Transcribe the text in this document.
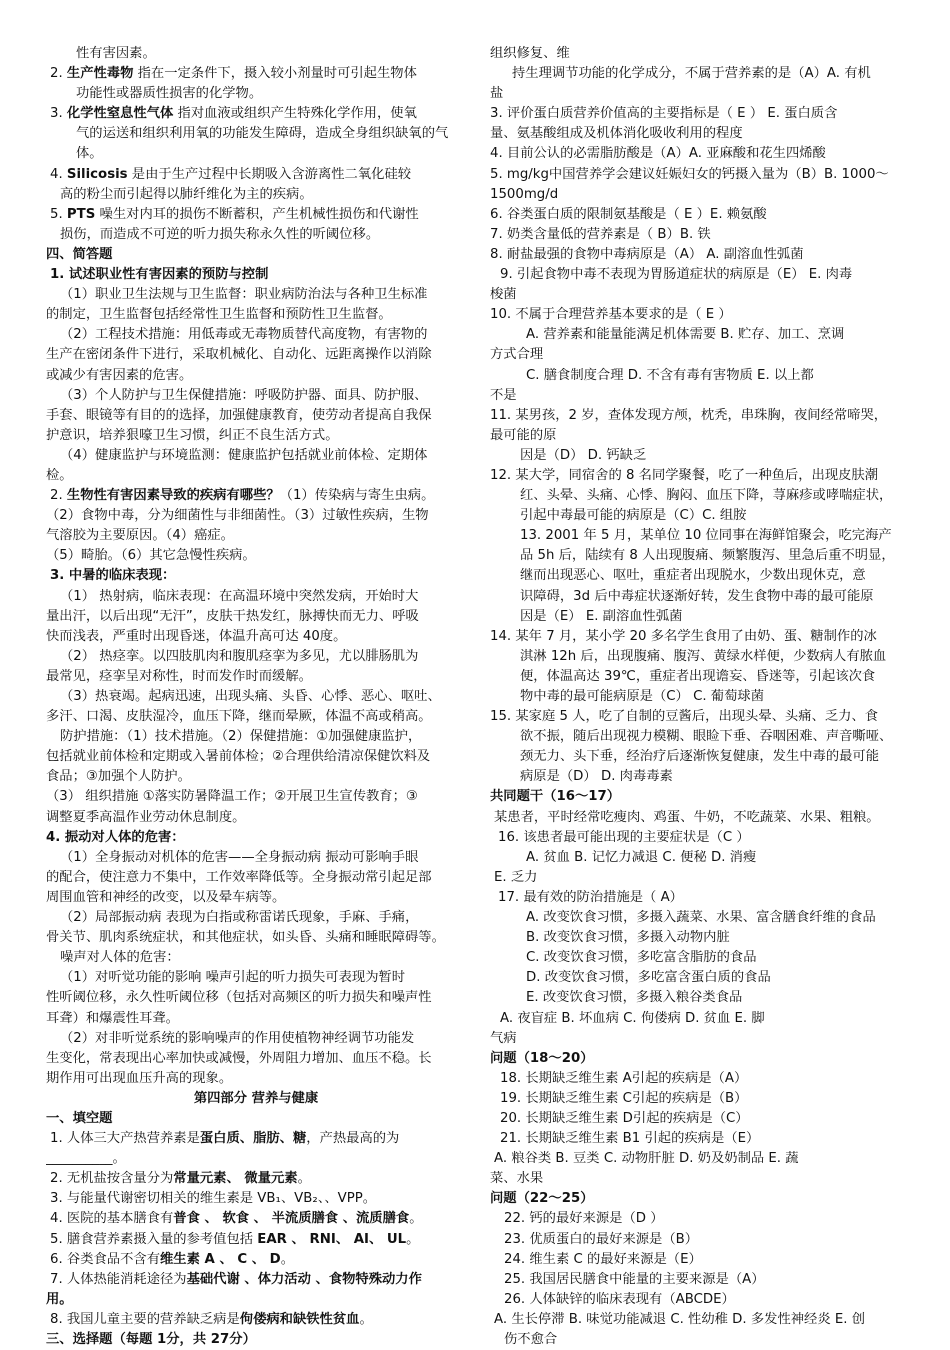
性有害因素。
2. 生产性毒物 指在一定条件下，摄入较小剂量时可引起生物体
功能性或器质性损害的化学物。
3. 化学性窒息性气体 指对血液或组织产生特殊化学作用，使氧
气的运送和组织利用氧的功能发生障碍，造成全身组织缺氧的气
体。
4. Silicosis 是由于生产过程中长期吸入含游离性二氧化硅较
高的粉尘而引起得以肺纤维化为主的疾病。
5. PTS 噪生对内耳的损伤不断蓄积，产生机械性损伤和代谢性
损伤，而造成不可逆的听力损失称永久性的听阈位移。
四、简答题
1. 试述职业性有害因素的预防与控制
（1）职业卫生法规与卫生监督：职业病防治法与各种卫生标准
的制定，卫生监督包括经常性卫生监督和预防性卫生监督。
（2）工程技术措施：用低毒或无毒物质替代高度物，有害物的
生产在密闭条件下进行，采取机械化、自动化、远距离操作以消除
或减少有害因素的危害。
（3）个人防护与卫生保健措施：呼吸防护器、面具、防护服、
手套、眼镜等有目的的选择，加强健康教育，使劳动者提高自我保
护意识，培养狠嚎卫生习惯，纠正不良生活方式。
（4）健康监护与环境监测：健康监护包括就业前体检、定期体
检。
2. 生物性有害因素导致的疾病有哪些？（1）传染病与寄生虫病。
（2）食物中毒，分为细菌性与非细菌性。（3）过敏性疾病，生物
气溶胶为主要原因。（4）癌症。
（5）畸胎。（6）其它急慢性疾病。
3. 中暑的临床表现：
（1） 热射病，临床表现：在高温环境中突然发病，开始时大
量出汗，以后出现“无汗”，皮肤干热发红，脉搏快而无力、呼吸
快而浅表，严重时出现昏迷，体温升高可达 40度。
（2） 热痉挛。以四肢肌肉和腹肌痉挛为多见，尤以腓肠肌为
最常见，痉挛呈对称性，时而发作时而缓解。
（3）热衰竭。起病迅速，出现头痛、头昏、心悸、恶心、呕吐、
多汗、口渴、皮肤湿冷，血压下降，继而晕厥，体温不高或稍高。
防护措施：（1）技术措施。（2）保健措施：①加强健康监护，
包括就业前体检和定期或入暑前体检；②合理供给清凉保健饮料及
食品；③加强个人防护。
（3） 组织措施 ①落实防暑降温工作；②开展卫生宣传教育；③
调整夏季高温作业劳动休息制度。
4. 振动对人体的危害：
（1）全身振动对机体的危害——全身振动病 振动可影响手眼
的配合，使注意力不集中，工作效率降低等。全身振动常引起足部
周围血管和神经的改变，以及晕车病等。
（2）局部振动病 表现为白指或称雷诺氏现象，手麻、手痛，
骨关节、肌肉系统症状，和其他症状，如头昏、头痛和睡眠障碍等。
噪声对人体的危害：
（1）对听觉功能的影响 噪声引起的听力损失可表现为暂时
性听阈位移，永久性听阈位移（包括对高频区的听力损失和噪声性
耳聋）和爆震性耳聋。
（2）对非听觉系统的影响噪声的作用使植物神经调节功能发
生变化，常表现出心率加快或减慢，外周阻力增加、血压不稳。长
期作用可出现血压升高的现象。
第四部分 营养与健康
一、填空题
1. 人体三大产热营养素是蛋白质、脂肪、糖，产热最高的为
__________。
2. 无机盐按含量分为常量元素、 微量元素。
3. 与能量代谢密切相关的维生素是 VB₁、VB₂、、VPP。
4. 医院的基本膳食有普食 、 软食 、 半流质膳食 、流质膳食。
5. 膳食营养素摄入量的参考值包括 EAR 、 RNI、 AI、 UL。
6. 谷类食品不含有维生素 A 、 C 、 D。
7. 人体热能消耗途径为基础代谢 、体力活动 、食物特殊动力作
用。
8. 我国儿童主要的营养缺乏病是佝偻病和缺铁性贫血。
三、选择题（每题 1分，共 27分）
组织修复、维
持生理调节功能的化学成分，不属于营养素的是（A）A. 有机
盐
3. 评价蛋白质营养价值高的主要指标是（ E ） E. 蛋白质含
量、氨基酸组成及机体消化吸收利用的程度
4. 目前公认的必需脂肪酸是（A）A. 亚麻酸和花生四烯酸
5. mg/kg中国营养学会建议妊娠妇女的钙摄入量为（B）B. 1000～
1500mg/d
6. 谷类蛋白质的限制氨基酸是（ E ）E. 赖氨酸
7. 奶类含量低的营养素是（ B）B. 铁
8. 耐盐最强的食物中毒病原是（A） A. 副溶血性弧菌
9. 引起食物中毒不表现为胃肠道症状的病原是（E） E. 肉毒
梭菌
10. 不属于合理营养基本要求的是（ E ）
A. 营养素和能量能满足机体需要 B. 贮存、加工、烹调
方式合理
C. 膳食制度合理 D. 不含有毒有害物质 E. 以上都
不是
11. 某男孩，2 岁，查体发现方颅，枕秃，串珠胸，夜间经常啼哭，
最可能的原
因是（D） D. 钙缺乏
12. 某大学，同宿舍的 8 名同学聚餐，吃了一种鱼后，出现皮肤潮
红、头晕、头痛、心悸、胸闷、血压下降，荨麻疹或哮喘症状，
引起中毒最可能的病原是（C）C. 组胺
13. 2001 年 5 月，某单位 10 位同事在海鲜馆聚会，吃完海产
品 5h 后，陆续有 8 人出现腹痛、频繁腹泻、里急后重不明显，
继而出现恶心、呕吐，重症者出现脱水，少数出现休克，意
识障碍，3d 后中毒症状逐渐好转，发生食物中毒的最可能原
因是（E） E. 副溶血性弧菌
14. 某年 7 月，某小学 20 多名学生食用了由奶、蛋、糖制作的冰
淇淋 12h 后，出现腹痛、腹泻、黄绿水样便，少数病人有脓血
便，体温高达 39℃，重症者出现谵妄、昏迷等，引起该次食
物中毒的最可能病原是（C） C. 葡萄球菌
15. 某家庭 5 人，吃了自制的豆酱后，出现头晕、头痛、乏力、食
欲不振，随后出现视力模糊、眼睑下垂、吞咽困难、声音嘶哑、
颈无力、头下垂，经治疗后逐渐恢复健康，发生中毒的最可能
病原是（D） D. 肉毒毒素
共同题干（16～17）
某患者，平时经常吃瘦肉、鸡蛋、牛奶，不吃蔬菜、水果、粗粮。
16. 该患者最可能出现的主要症状是（C ）
A. 贫血 B. 记忆力减退 C. 便秘 D. 消瘦
E. 乏力
17. 最有效的防治措施是（ A）
A. 改变饮食习惯，多摄入蔬菜、水果、富含膳食纤维的食品
B. 改变饮食习惯，多摄入动物内脏
C. 改变饮食习惯，多吃富含脂肪的食品
D. 改变饮食习惯，多吃富含蛋白质的食品
E. 改变饮食习惯，多摄入粮谷类食品
A. 夜盲症 B. 坏血病 C. 佝偻病 D. 贫血 E. 脚
气病
问题（18～20）
18. 长期缺乏维生素 A引起的疾病是（A）
19. 长期缺乏维生素 C引起的疾病是（B）
20. 长期缺乏维生素 D引起的疾病是（C）
21. 长期缺乏维生素 B1 引起的疾病是（E）
A. 粮谷类 B. 豆类 C. 动物肝脏 D. 奶及奶制品 E. 蔬
菜、水果
问题（22～25）
22. 钙的最好来源是（D ）
23. 优质蛋白的最好来源是（B）
24. 维生素 C 的最好来源是（E）
25. 我国居民膳食中能量的主要来源是（A）
26. 人体缺锌的临床表现有（ABCDE）
A. 生长停滞 B. 味觉功能减退 C. 性幼稚 D. 多发性神经炎 E. 创
伤不愈合
